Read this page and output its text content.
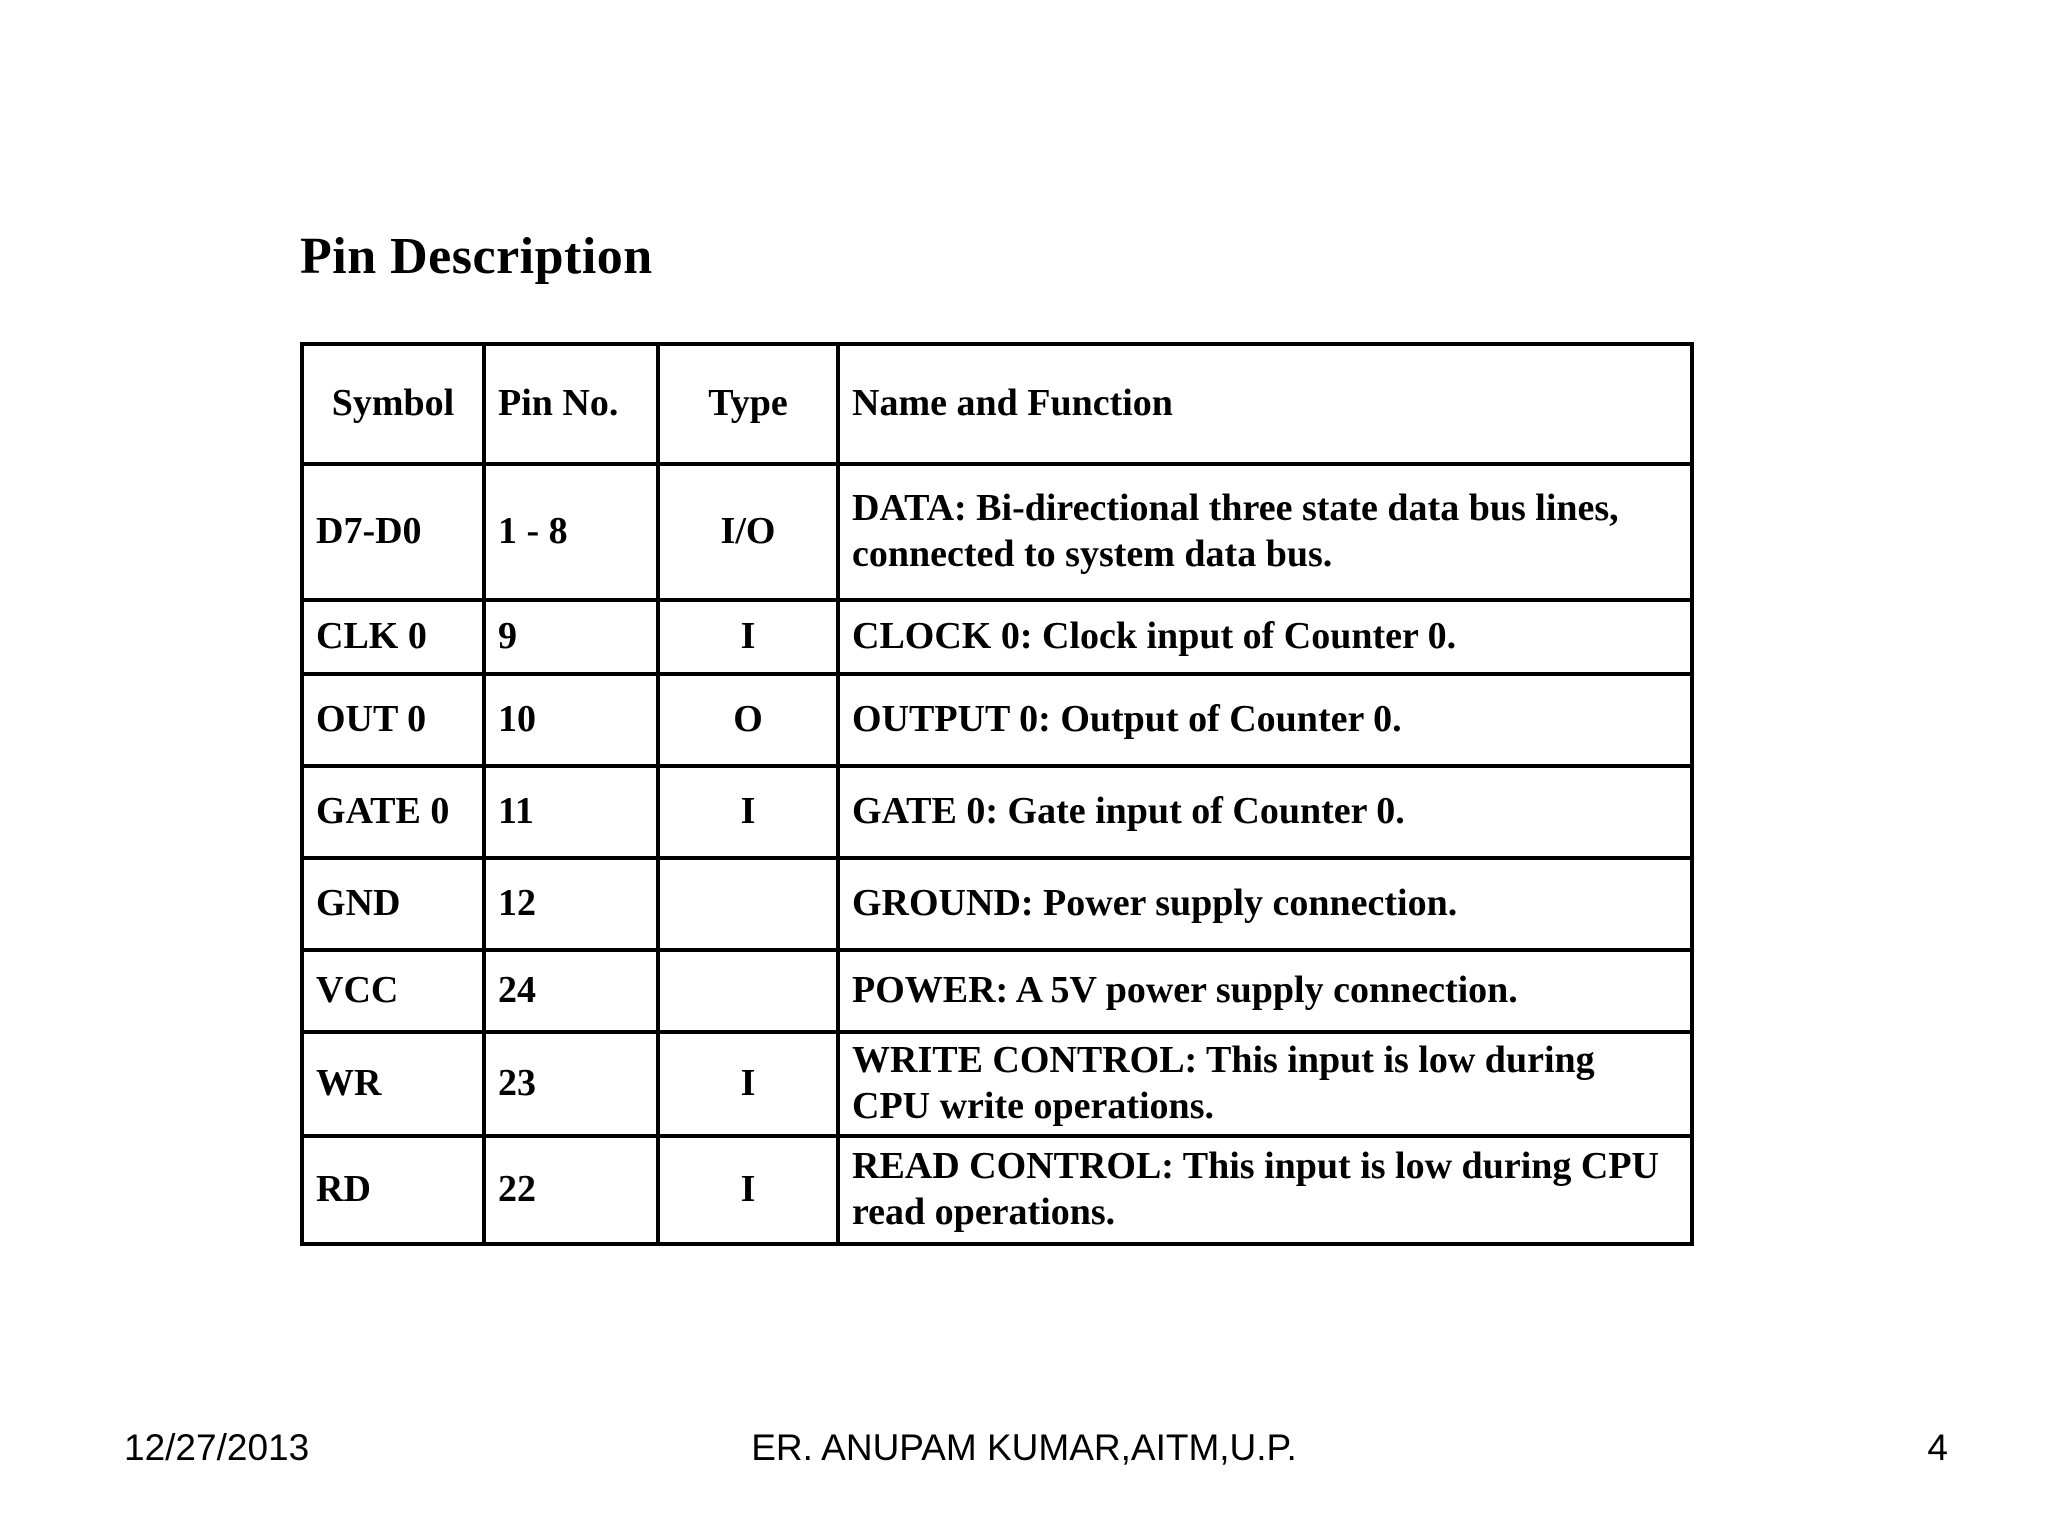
Pin Description
Symbol	Pin No.	Type	Name and Function
D7-D0	1 - 8	I/O	DATA: Bi-directional three state data bus lines, connected to system data bus.
CLK 0	9	I	CLOCK 0: Clock input of Counter 0.
OUT 0	10	O	OUTPUT 0: Output of Counter 0.
GATE 0	11	I	GATE 0: Gate input of Counter 0.
GND	12		GROUND: Power supply connection.
VCC	24		POWER: A 5V power supply connection.
WR	23	I	WRITE CONTROL: This input is low during CPU write operations.
RD	22	I	READ CONTROL: This input is low during CPU read operations.
12/27/2013	ER. ANUPAM KUMAR,AITM,U.P.	4
